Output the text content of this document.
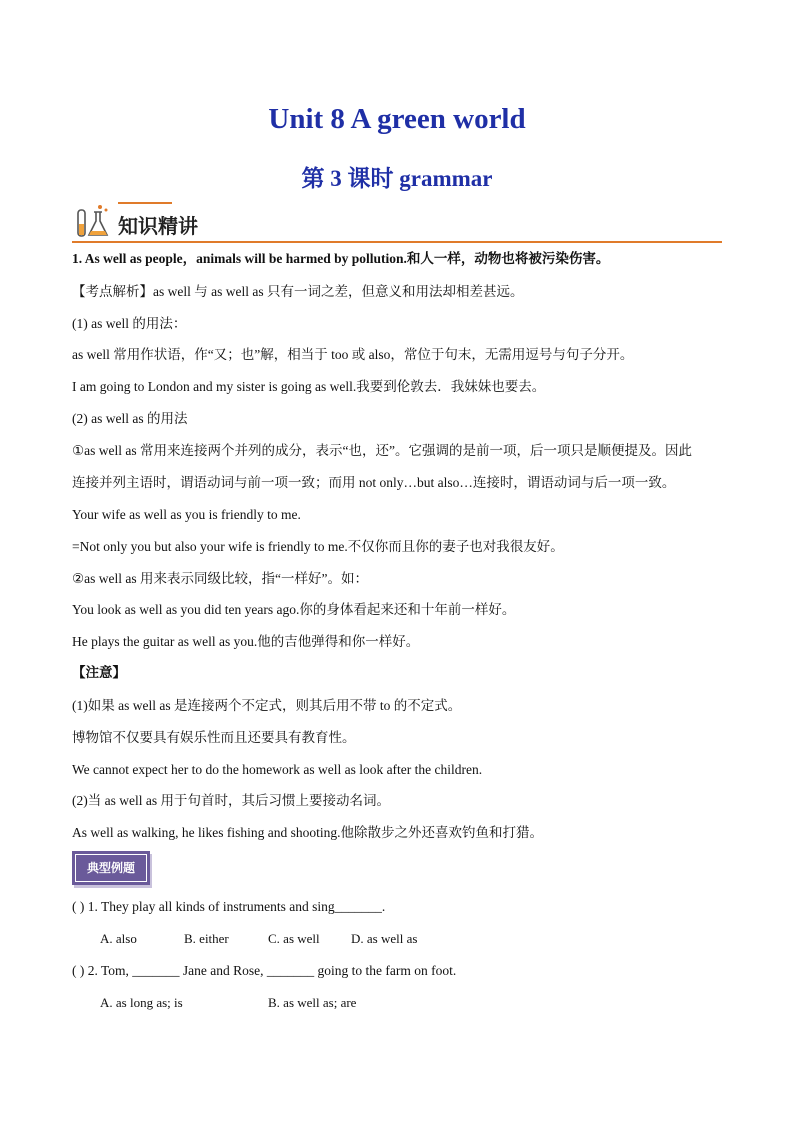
Unit 8 A green world
第 3 课时 grammar
知识精讲
1. As well as people，animals will be harmed by pollution.和人一样，动物也将被污染伤害。
【考点解析】as well 与 as well as 只有一词之差，但意义和用法却相差甚远。
(1) as well 的用法：
as well 常用作状语，作“又；也”解，相当于 too 或 also，常位于句末，无需用逗号与句子分开。
I am going to London and my sister is going as well.我要到伦敦去．我妹妹也要去。
(2) as well as 的用法
①as well as 常用来连接两个并列的成分，表示“也，还”。它强调的是前一项，后一项只是顺便提及。因此
连接并列主语时，谓语动词与前一项一致；而用 not only…but also…连接时，谓语动词与后一项一致。
Your wife as well as you is friendly to me.
=Not only you but also your wife is friendly to me.不仅你而且你的妻子也对我很友好。
②as well as 用来表示同级比较，指“一样好”。如：
You look as well as you did ten years ago.你的身体看起来还和十年前一样好。
He plays the guitar as well as you.他的吉他弹得和你一样好。
【注意】
(1)如果 as well as 是连接两个不定式，则其后用不带 to 的不定式。
博物馆不仅要具有娱乐性而且还要具有教育性。
We cannot expect her to do the homework as well as look after the children.
(2)当 as well as 用于句首时，其后习惯上要接动名词。
As well as walking, he likes fishing and shooting.他除散步之外还喜欢钓鱼和打猎。
典型例题
( ) 1. They play all kinds of instruments and sing_______.
A. also	B. either	C. as well D. as well as
( ) 2. Tom, _______ Jane and Rose, _______ going to the farm on foot.
A. as long as; is	B. as well as; are
